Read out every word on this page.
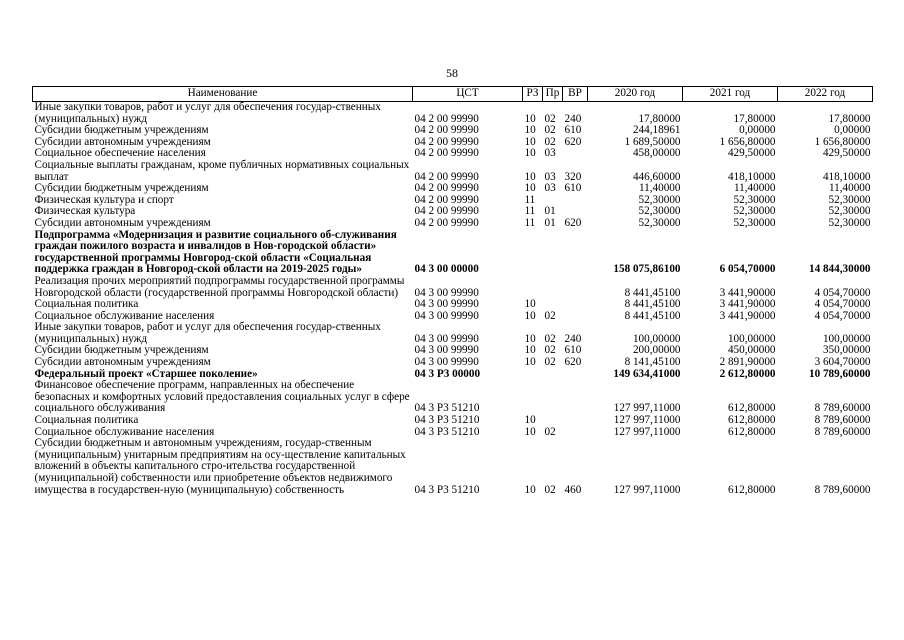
58
Наименование	ЦСТ	РЗ	Пр	ВР	2020 год	2021 год	2022 год
Иные закупки товаров, работ и услуг для обеспечения государ-ственных (муниципальных) нужд	04 2 00 99990	10	02	240	17,80000	17,80000	17,80000
Субсидии бюджетным учреждениям	04 2 00 99990	10	02	610	244,18961	0,00000	0,00000
Субсидии автономным учреждениям	04 2 00 99990	10	02	620	1 689,50000	1 656,80000	1 656,80000
Социальное обеспечение населения	04 2 00 99990	10	03		458,00000	429,50000	429,50000
Социальные выплаты гражданам, кроме публичных нормативных социальных выплат	04 2 00 99990	10	03	320	446,60000	418,10000	418,10000
Субсидии бюджетным учреждениям	04 2 00 99990	10	03	610	11,40000	11,40000	11,40000
Физическая культура и спорт	04 2 00 99990	11			52,30000	52,30000	52,30000
Физическая культура	04 2 00 99990	11	01		52,30000	52,30000	52,30000
Субсидии автономным учреждениям	04 2 00 99990	11	01	620	52,30000	52,30000	52,30000
Подпрограмма «Модернизация и развитие социального об-служивания граждан пожилого возраста и инвалидов в Нов-городской области» государственной программы Новгород-ской области «Социальная поддержка граждан в Новгород-ской области на 2019-2025 годы»	04 3 00 00000				158 075,86100	6 054,70000	14 844,30000
Реализация прочих мероприятий подпрограммы государственной программы Новгородской области (государственной программы Новгородской области)	04 3 00 99990				8 441,45100	3 441,90000	4 054,70000
Социальная политика	04 3 00 99990	10			8 441,45100	3 441,90000	4 054,70000
Социальное обслуживание населения	04 3 00 99990	10	02		8 441,45100	3 441,90000	4 054,70000
Иные закупки товаров, работ и услуг для обеспечения государ-ственных (муниципальных) нужд	04 3 00 99990	10	02	240	100,00000	100,00000	100,00000
Субсидии бюджетным учреждениям	04 3 00 99990	10	02	610	200,00000	450,00000	350,00000
Субсидии автономным учреждениям	04 3 00 99990	10	02	620	8 141,45100	2 891,90000	3 604,70000
Федеральный проект «Старшее поколение»	04 3 P3 00000				149 634,41000	2 612,80000	10 789,60000
Финансовое обеспечение программ, направленных на обеспечение безопасных и комфортных условий предоставления социальных услуг в сфере социального обслуживания	04 3 P3 51210				127 997,11000	612,80000	8 789,60000
Социальная политика	04 3 P3 51210	10			127 997,11000	612,80000	8 789,60000
Социальное обслуживание населения	04 3 P3 51210	10	02		127 997,11000	612,80000	8 789,60000
Субсидии бюджетным и автономным учреждениям, государ-ственным (муниципальным) унитарным предприятиям на осу-ществление капитальных вложений в объекты капитального стро-ительства государственной (муниципальной) собственности или приобретение объектов недвижимого имущества в государствен-ную (муниципальную) собственность	04 3 P3 51210	10	02	460	127 997,11000	612,80000	8 789,60000
